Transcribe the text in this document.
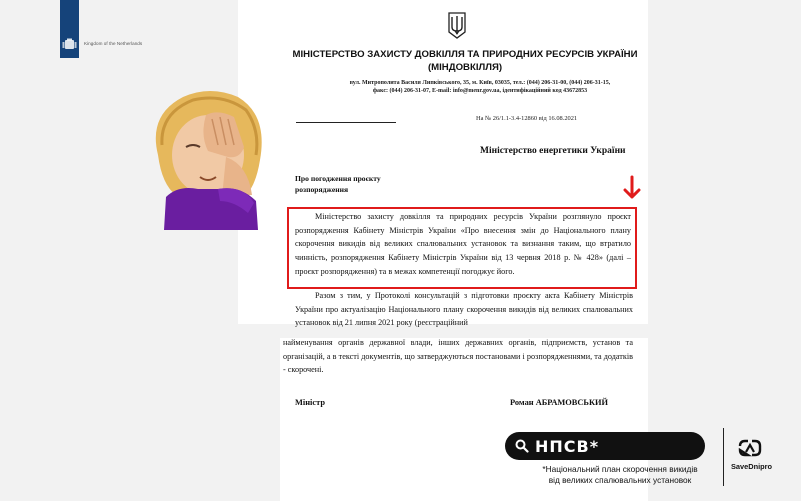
Kingdom of the Netherlands
МІНІСТЕРСТВО ЗАХИСТУ ДОВКІЛЛЯ ТА ПРИРОДНИХ РЕСУРСІВ УКРАЇНИ
(МІНДОВКІЛЛЯ)
вул. Митрополита Василя Липківського, 35, м. Київ, 03035, тел.: (044) 206-31-00, (044) 206-31-15,
факс: (044) 206-31-07, E-mail: info@menr.gov.ua, ідентифікаційний код 43672853
На № 26/1.1-3.4-12860 від 16.08.2021
Міністерство енергетики України
Про погодження проєкту
розпорядження
Міністерство захисту довкілля та природних ресурсів України розглянуло проєкт розпорядження Кабінету Міністрів України «Про внесення змін до Національного плану скорочення викидів від великих спалювальних установок та визнання таким, що втратило чинність, розпорядження Кабінету Міністрів України від 13 червня 2018 р. № 428» (далі – проєкт розпорядження) та в межах компетенції погоджує його.
Разом з тим, у Протоколі консультацій з підготовки проєкту акта Кабінету Міністрів України про актуалізацію Національного плану скорочення викидів від великих спалювальних установок від 21 липня 2021 року (реєстраційний
найменування органів державної влади, інших державних органів, підприємств, установ та організацій, а в тексті документів, що затверджуються постановами і розпорядженнями, та додатків - скорочені.
Міністр	Роман АБРАМОВСЬКИЙ
НПСВ*
*Національний план скорочення викидів
від великих спалювальних установок
SaveDnipro
